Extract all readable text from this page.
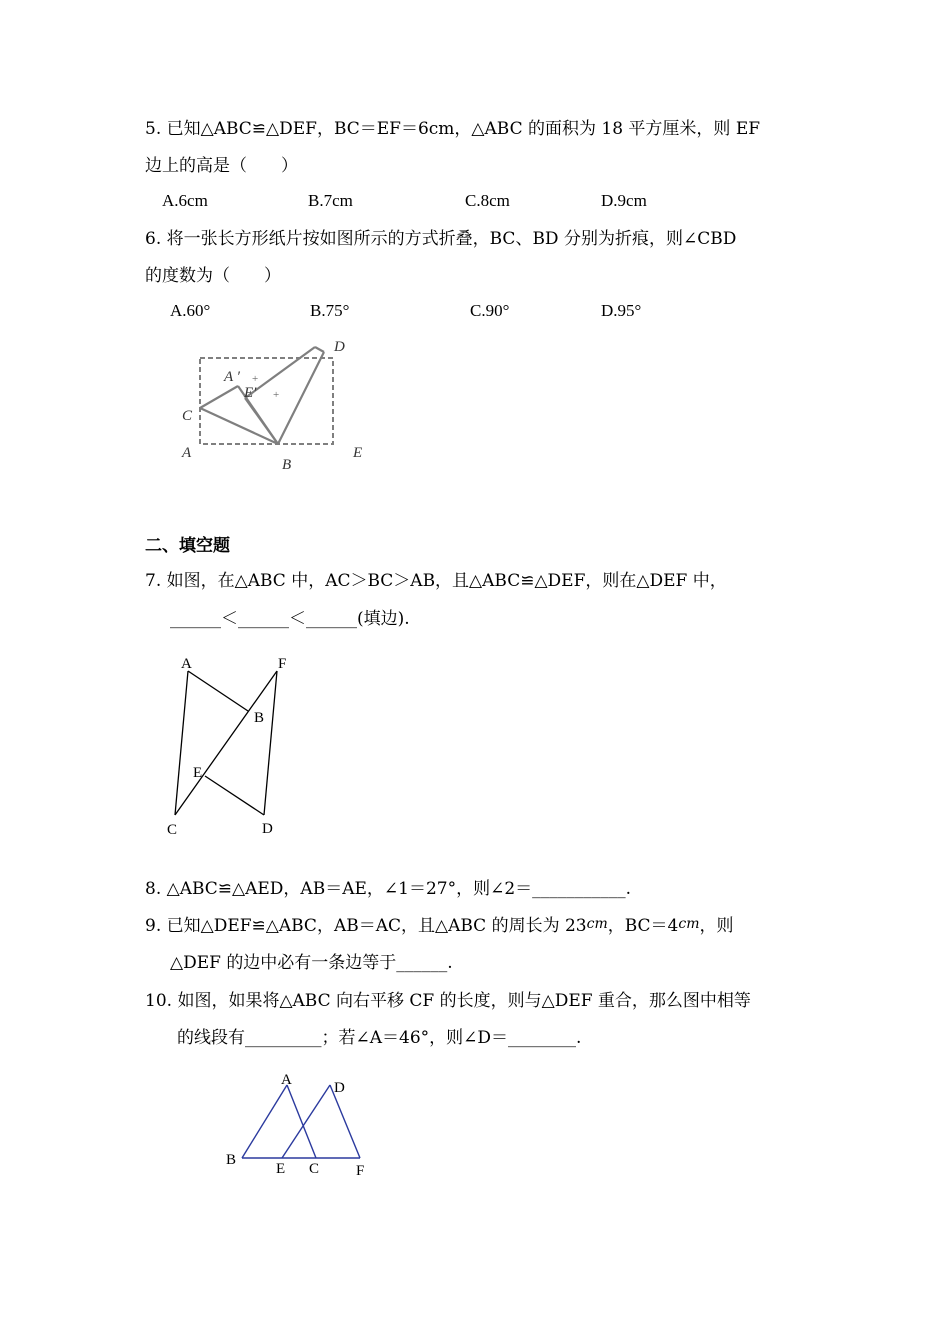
5. 已知△ABC≌△DEF，BC＝EF＝6cm，△ABC 的面积为 18 平方厘米，则 EF
边上的高是（　　）
A.6cm	B.7cm	C.8cm	D.9cm
6. 将一张长方形纸片按如图所示的方式折叠，BC、BD 分别为折痕，则∠CBD
的度数为（　　）
A.60°	B.75°	C.90°	D.95°
D
A ′
E′
+
+
C
A
B
E
二、填空题
7. 如图，在△ABC 中，AC＞BC＞AB，且△ABC≌△DEF，则在△DEF 中，
______＜______＜______(填边).
A	F
B
E
C	D
8. △ABC≌△AED，AB＝AE，∠1＝27°，则∠2＝___________.
9. 已知△DEF≌△ABC，AB＝AC，且△ABC 的周长为 23cm，BC＝4cm，则
△DEF 的边中必有一条边等于______.
10. 如图，如果将△ABC 向右平移 CF 的长度，则与△DEF 重合，那么图中相等
的线段有_________；若∠A＝46°，则∠D＝________.
A	D
B
E C F
